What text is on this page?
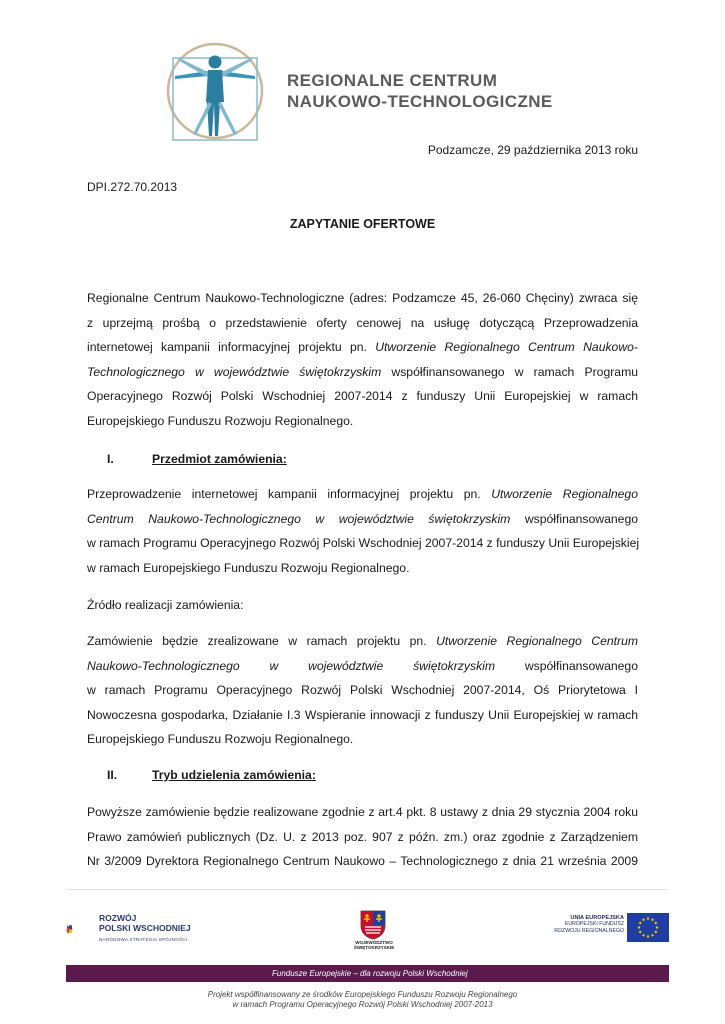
REGIONALNE CENTRUM
NAUKOWO-TECHNOLOGICZNE
Podzamcze, 29 października 2013 roku
DPI.272.70.2013
ZAPYTANIE OFERTOWE
Regionalne Centrum Naukowo-Technologiczne (adres: Podzamcze 45, 26-060 Chęciny) zwraca się
z uprzejmą prośbą o przedstawienie oferty cenowej na usługę dotyczącą Przeprowadzenia
internetowej kampanii informacyjnej projektu pn. Utworzenie Regionalnego Centrum Naukowo-
Technologicznego w województwie świętokrzyskim współfinansowanego w ramach Programu
Operacyjnego Rozwój Polski Wschodniej 2007-2014 z funduszy Unii Europejskiej w ramach
Europejskiego Funduszu Rozwoju Regionalnego.
I.	Przedmiot zamówienia:
Przeprowadzenie internetowej kampanii informacyjnej projektu pn. Utworzenie Regionalnego
Centrum Naukowo-Technologicznego w województwie świętokrzyskim współfinansowanego
w ramach Programu Operacyjnego Rozwój Polski Wschodniej 2007-2014 z funduszy Unii Europejskiej
w ramach Europejskiego Funduszu Rozwoju Regionalnego.
Źródło realizacji zamówienia:
Zamówienie będzie zrealizowane w ramach projektu pn. Utworzenie Regionalnego Centrum
Naukowo-Technologicznego w województwie świętokrzyskim współfinansowanego
w ramach Programu Operacyjnego Rozwój Polski Wschodniej 2007-2014, Oś Priorytetowa I
Nowoczesna gospodarka, Działanie I.3 Wspieranie innowacji z funduszy Unii Europejskiej w ramach
Europejskiego Funduszu Rozwoju Regionalnego.
II.	Tryb udzielenia zamówienia:
Powyższe zamówienie będzie realizowane zgodnie z art.4 pkt. 8 ustawy z dnia 29 stycznia 2004 roku
Prawo zamówień publicznych (Dz. U. z 2013 poz. 907 z późn. zm.) oraz zgodnie z Zarządzeniem
Nr 3/2009 Dyrektora Regionalnego Centrum Naukowo – Technologicznego z dnia 21 września 2009
ROZWÓJ
POLSKI WSCHODNIEJ
NARODOWA STRATEGIA SPÓJNOŚCI
WOJEWÓDZTWO
ŚWIĘTOKRZYSKIE
UNIA EUROPEJSKA
EUROPEJSKI FUNDUSZ
ROZWOJU REGIONALNEGO
Fundusze Europejskie – dla rozwoju Polski Wschodniej
Projekt współfinansowany ze środków Europejskiego Funduszu Rozwoju Regionalnego
w ramach Programu Operacyjnego Rozwój Polski Wschodniej 2007-2013
